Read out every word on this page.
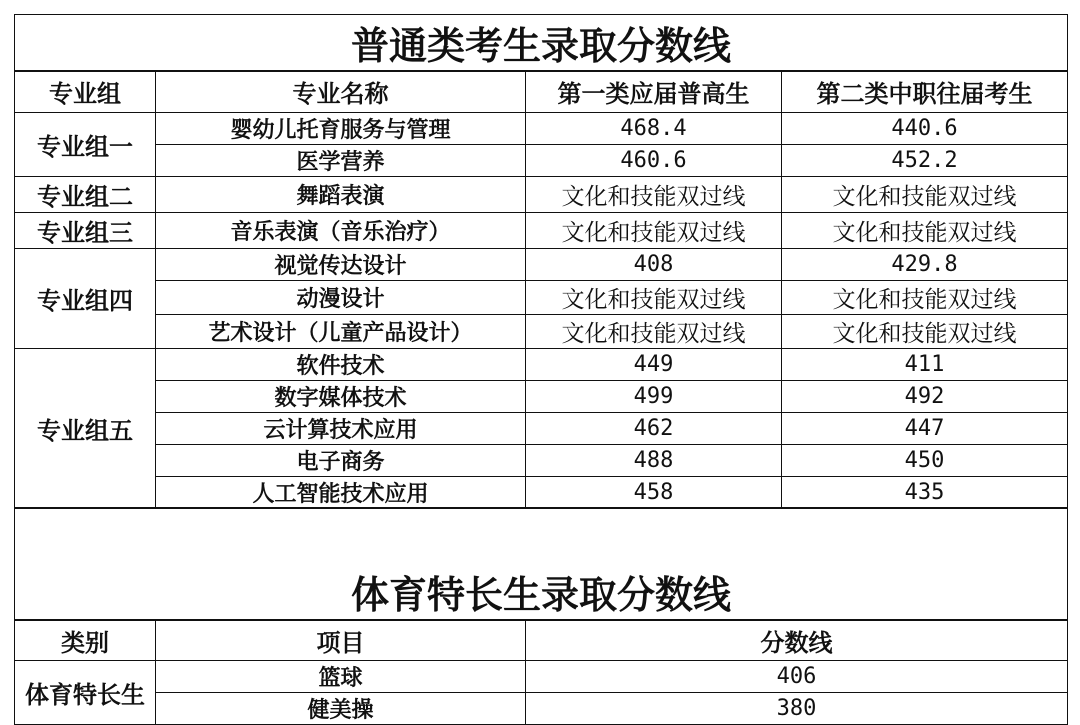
普通类考生录取分数线			
专业组	专业名称	第一类应届普高生	第二类中职往届考生
专业组一	婴幼儿托育服务与管理	468.4	440.6
	医学营养	460.6	452.2
专业组二	舞蹈表演	文化和技能双过线	文化和技能双过线
专业组三	音乐表演（音乐治疗）	文化和技能双过线	文化和技能双过线
专业组四	视觉传达设计	408	429.8
	动漫设计	文化和技能双过线	文化和技能双过线
	艺术设计（儿童产品设计）	文化和技能双过线	文化和技能双过线
专业组五	软件技术	449	411
	数字媒体技术	499	492
	云计算技术应用	462	447
	电子商务	488	450
	人工智能技术应用	458	435

体育特长生录取分数线		
类别	项目	分数线
体育特长生	篮球	406
	健美操	380
